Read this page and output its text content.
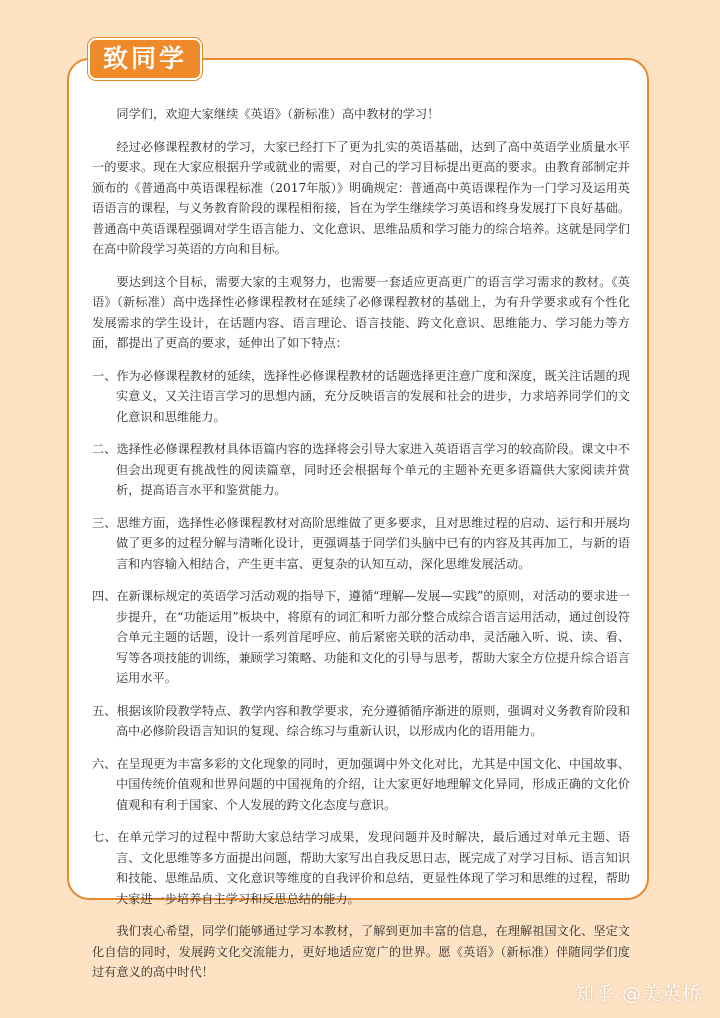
致同学

同学们，欢迎大家继续《英语》（新标准）高中教材的学习！

经过必修课程教材的学习，大家已经打下了更为扎实的英语基础，达到了高中英语学业质量水平一的要求。现在大家应根据升学或就业的需要，对自己的学习目标提出更高的要求。由教育部制定并颁布的《普通高中英语课程标准（2017年版）》明确规定：普通高中英语课程作为一门学习及运用英语语言的课程，与义务教育阶段的课程相衔接，旨在为学生继续学习英语和终身发展打下良好基础。普通高中英语课程强调对学生语言能力、文化意识、思维品质和学习能力的综合培养。这就是同学们在高中阶段学习英语的方向和目标。

要达到这个目标，需要大家的主观努力，也需要一套适应更高更广的语言学习需求的教材。《英语》（新标准）高中选择性必修课程教材在延续了必修课程教材的基础上，为有升学要求或有个性化发展需求的学生设计，在话题内容、语言理论、语言技能、跨文化意识、思维能力、学习能力等方面，都提出了更高的要求，延伸出了如下特点：

一、作为必修课程教材的延续，选择性必修课程教材的话题选择更注意广度和深度，既关注话题的现实意义，又关注语言学习的思想内涵，充分反映语言的发展和社会的进步，力求培养同学们的文化意识和思维能力。

二、选择性必修课程教材具体语篇内容的选择将会引导大家进入英语语言学习的较高阶段。课文中不但会出现更有挑战性的阅读篇章，同时还会根据每个单元的主题补充更多语篇供大家阅读并赏析，提高语言水平和鉴赏能力。

三、思维方面，选择性必修课程教材对高阶思维做了更多要求，且对思维过程的启动、运行和开展均做了更多的过程分解与清晰化设计，更强调基于同学们头脑中已有的内容及其再加工，与新的语言和内容输入相结合，产生更丰富、更复杂的认知互动，深化思维发展活动。

四、在新课标规定的英语学习活动观的指导下，遵循“理解—发展—实践”的原则，对活动的要求进一步提升，在“功能运用”板块中，将原有的词汇和听力部分整合成综合语言运用活动，通过创设符合单元主题的话题，设计一系列首尾呼应、前后紧密关联的活动串，灵活融入听、说、读、看、写等各项技能的训练，兼顾学习策略、功能和文化的引导与思考，帮助大家全方位提升综合语言运用水平。

五、根据该阶段教学特点、教学内容和教学要求，充分遵循循序渐进的原则，强调对义务教育阶段和高中必修阶段语言知识的复现、综合练习与重新认识，以形成内化的语用能力。

六、在呈现更为丰富多彩的文化现象的同时，更加强调中外文化对比，尤其是中国文化、中国故事、中国传统价值观和世界问题的中国视角的介绍，让大家更好地理解文化异同，形成正确的文化价值观和有利于国家、个人发展的跨文化态度与意识。

七、在单元学习的过程中帮助大家总结学习成果，发现问题并及时解决，最后通过对单元主题、语言、文化思维等多方面提出问题，帮助大家写出自我反思日志，既完成了对学习目标、语言知识和技能、思维品质、文化意识等维度的自我评价和总结，更显性体现了学习和思维的过程，帮助大家进一步培养自主学习和反思总结的能力。

我们衷心希望，同学们能够通过学习本教材，了解到更加丰富的信息，在理解祖国文化、坚定文化自信的同时，发展跨文化交流能力，更好地适应宽广的世界。愿《英语》（新标准）伴随同学们度过有意义的高中时代！

知乎 @美英桥
